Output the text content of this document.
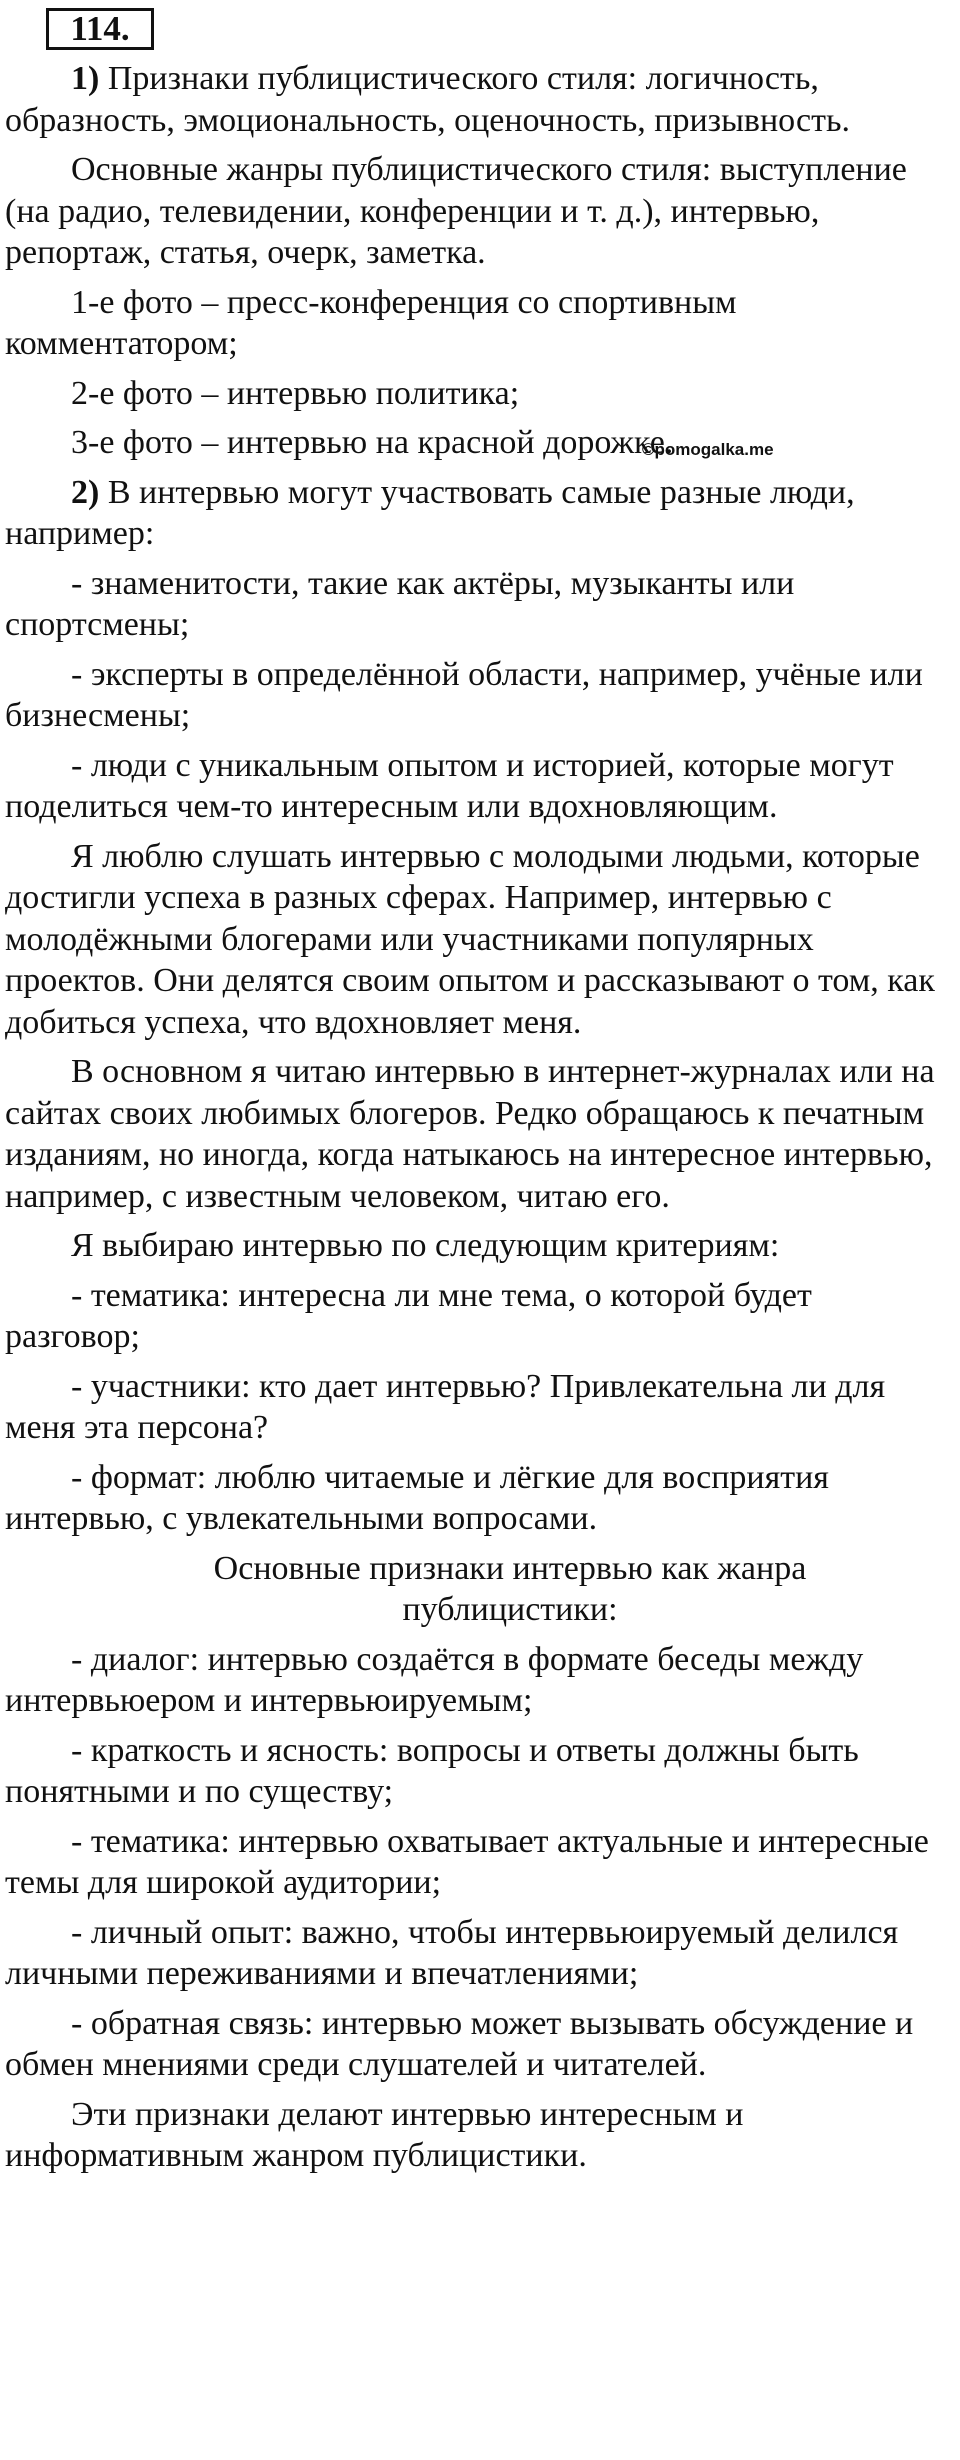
114.
©pomogalka.me

1) Признаки публицистического стиля: логичность, образность, эмоциональность, оценочность, призывность.

Основные жанры публицистического стиля: выступление (на радио, телевидении, конференции и т. д.), интервью, репортаж, статья, очерк, заметка.

1-е фото – пресс-конференция со спортивным комментатором;

2-е фото – интервью политика;

3-е фото – интервью на красной дорожке.

2) В интервью могут участвовать самые разные люди, например:

- знаменитости, такие как актёры, музыканты или спортсмены;

- эксперты в определённой области, например, учёные или бизнесмены;

- люди с уникальным опытом и историей, которые могут поделиться чем-то интересным или вдохновляющим.

Я люблю слушать интервью с молодыми людьми, которые достигли успеха в разных сферах. Например, интервью с молодёжными блогерами или участниками популярных проектов. Они делятся своим опытом и рассказывают о том, как добиться успеха, что вдохновляет меня.

В основном я читаю интервью в интернет-журналах или на сайтах своих любимых блогеров. Редко обращаюсь к печатным изданиям, но иногда, когда натыкаюсь на интересное интервью, например, с известным человеком, читаю его.

Я выбираю интервью по следующим критериям:

- тематика: интересна ли мне тема, о которой будет разговор;

- участники: кто дает интервью? Привлекательна ли для меня эта персона?

- формат: люблю читаемые и лёгкие для восприятия интервью, с увлекательными вопросами.

Основные признаки интервью как жанра публицистики:

- диалог: интервью создаётся в формате беседы между интервьюером и интервьюируемым;

- краткость и ясность: вопросы и ответы должны быть понятными и по существу;

- тематика: интервью охватывает актуальные и интересные темы для широкой аудитории;

- личный опыт: важно, чтобы интервьюируемый делился личными переживаниями и впечатлениями;

- обратная связь: интервью может вызывать обсуждение и обмен мнениями среди слушателей и читателей.

Эти признаки делают интервью интересным и информативным жанром публицистики.
